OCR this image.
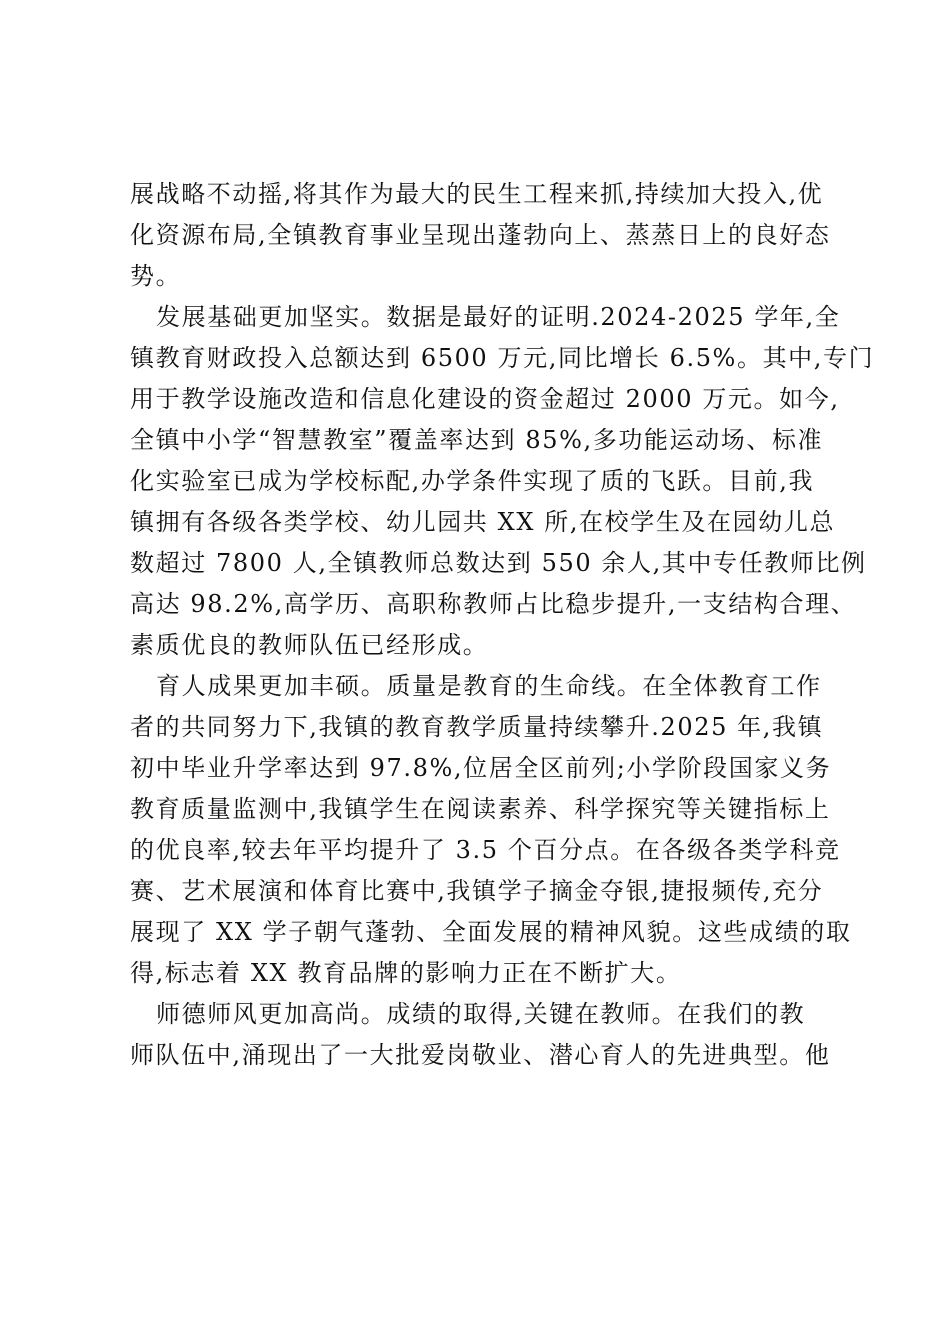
展战略不动摇,将其作为最大的民生工程来抓,持续加大投入,优
化资源布局,全镇教育事业呈现出蓬勃向上、蒸蒸日上的良好态
势。
发展基础更加坚实。数据是最好的证明.2024-2025 学年,全
镇教育财政投入总额达到 6500 万元,同比增长 6.5%。其中,专门
用于教学设施改造和信息化建设的资金超过 2000 万元。如今,
全镇中小学“智慧教室”覆盖率达到 85%,多功能运动场、标准
化实验室已成为学校标配,办学条件实现了质的飞跃。目前,我
镇拥有各级各类学校、幼儿园共 XX 所,在校学生及在园幼儿总
数超过 7800 人,全镇教师总数达到 550 余人,其中专任教师比例
高达 98.2%,高学历、高职称教师占比稳步提升,一支结构合理、
素质优良的教师队伍已经形成。
育人成果更加丰硕。质量是教育的生命线。在全体教育工作
者的共同努力下,我镇的教育教学质量持续攀升.2025 年,我镇
初中毕业升学率达到 97.8%,位居全区前列;小学阶段国家义务
教育质量监测中,我镇学生在阅读素养、科学探究等关键指标上
的优良率,较去年平均提升了 3.5 个百分点。在各级各类学科竞
赛、艺术展演和体育比赛中,我镇学子摘金夺银,捷报频传,充分
展现了 XX 学子朝气蓬勃、全面发展的精神风貌。这些成绩的取
得,标志着 XX 教育品牌的影响力正在不断扩大。
师德师风更加高尚。成绩的取得,关键在教师。在我们的教
师队伍中,涌现出了一大批爱岗敬业、潜心育人的先进典型。他
